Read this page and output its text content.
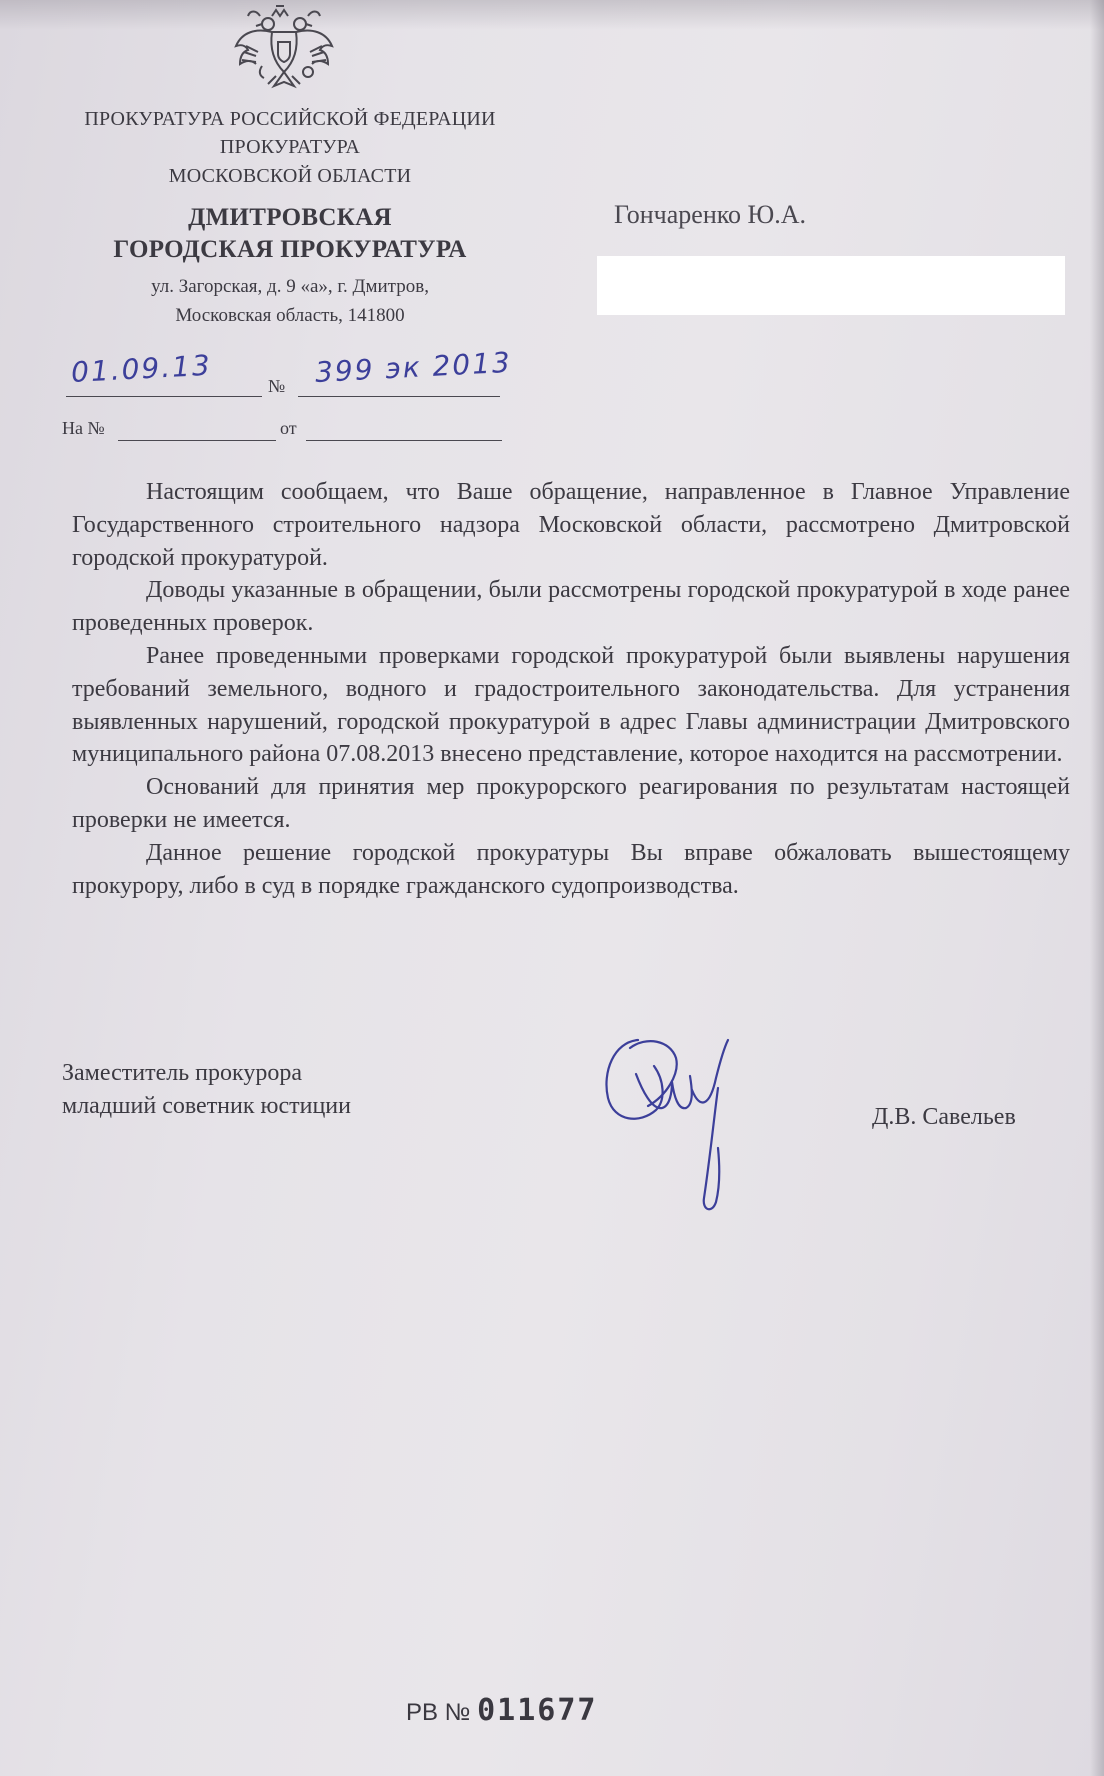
ПРОКУРАТУРА РОССИЙСКОЙ ФЕДЕРАЦИИ
ПРОКУРАТУРА
МОСКОВСКОЙ ОБЛАСТИ
ДМИТРОВСКАЯ
ГОРОДСКАЯ ПРОКУРАТУРА
ул. Загорская, д. 9 «а», г. Дмитров,
Московская область, 141800
Гончаренко Ю.А.
01.09.13	№ 399 эк 2013
На №	от

Настоящим сообщаем, что Ваше обращение, направленное в Главное Управление Государственного строительного надзора Московской области, рассмотрено Дмитровской городской прокуратурой.

Доводы указанные в обращении, были рассмотрены городской прокуратурой в ходе ранее проведенных проверок.

Ранее проведенными проверками городской прокуратурой были выявлены нарушения требований земельного, водного и градостроительного законодательства. Для устранения выявленных нарушений, городской прокуратурой в адрес Главы администрации Дмитровского муниципального района 07.08.2013 внесено представление, которое находится на рассмотрении.

Оснований для принятия мер прокурорского реагирования по результатам настоящей проверки не имеется.

Данное решение городской прокуратуры Вы вправе обжаловать вышестоящему прокурору, либо в суд в порядке гражданского судопроизводства.

Заместитель прокурора
младший советник юстиции	Д.В. Савельев
РВ № 011677
